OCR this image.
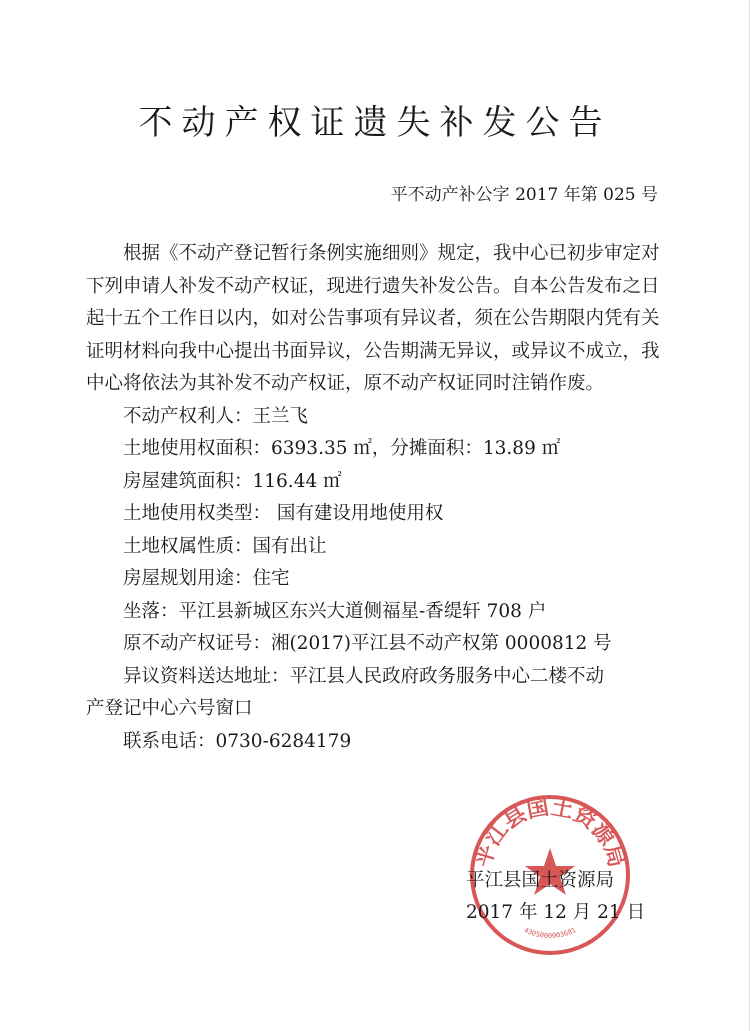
不动产权证遗失补发公告
平不动产补公字 2017 年第 025 号

根据《不动产登记暂行条例实施细则》规定，我中心已初步审定对下列申请人补发不动产权证，现进行遗失补发公告。自本公告发布之日起十五个工作日以内，如对公告事项有异议者，须在公告期限内凭有关证明材料向我中心提出书面异议，公告期满无异议，或异议不成立，我中心将依法为其补发不动产权证，原不动产权证同时注销作废。

不动产权利人：王兰飞

土地使用权面积：6393.35 ㎡，分摊面积：13.89 ㎡

房屋建筑面积：116.44 ㎡

土地使用权类型： 国有建设用地使用权

土地权属性质：国有出让

房屋规划用途：住宅

坐落：平江县新城区东兴大道侧福星-香缇轩 708 户

原不动产权证号：湘(2017)平江县不动产权第 0000812 号

异议资料送达地址：平江县人民政府政务服务中心二楼不动

产登记中心六号窗口

联系电话：0730-6284179

平江县国土资源局
4305000003681
平江县国土资源局
2017 年 12 月 21 日
